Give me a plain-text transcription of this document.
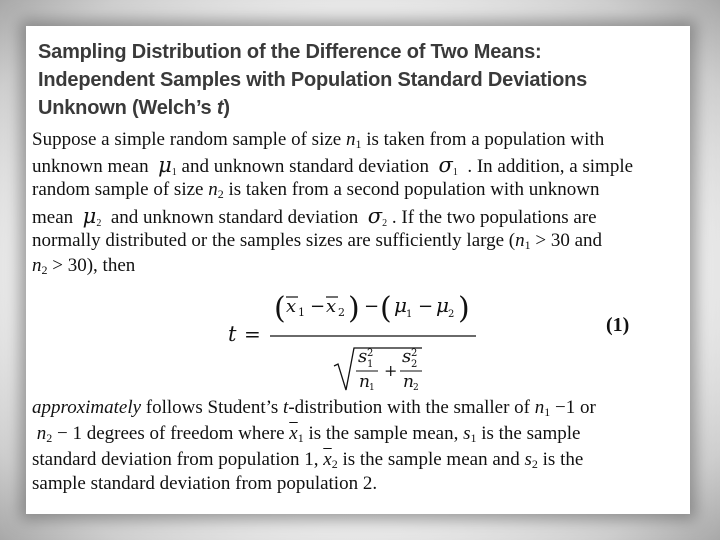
Sampling Distribution of the Difference of Two Means:
Independent Samples with Population Standard Deviations
Unknown (Welch’s t)
Suppose a simple random sample of size $n_1$ is taken from a population with
unknown mean  $\mu_1$ and unknown standard deviation  $\sigma_1$ . In addition, a simple
random sample of size $n_2$ is taken from a second population with unknown
mean  $\mu_2$  and unknown standard deviation  $\sigma_2$ . If the two populations are
normally distributed or the samples sizes are sufficiently large ($n_1 > 30$ and
$n_2 > 30$), then
t =
( x 1 − x 2 ) − ( μ 1 − μ 2 )
s 2
1
n 1
+
s 2
2
n 2
(1)
approximately follows Student’s t-distribution with the smaller of $n_1 -1$ or
$n_2 - 1$ degrees of freedom where $\overline{x}_1$ is the sample mean, $s_1$ is the sample
standard deviation from population 1, $\overline{x}_2$ is the sample mean and $s_2$ is the
sample standard deviation from population 2.
